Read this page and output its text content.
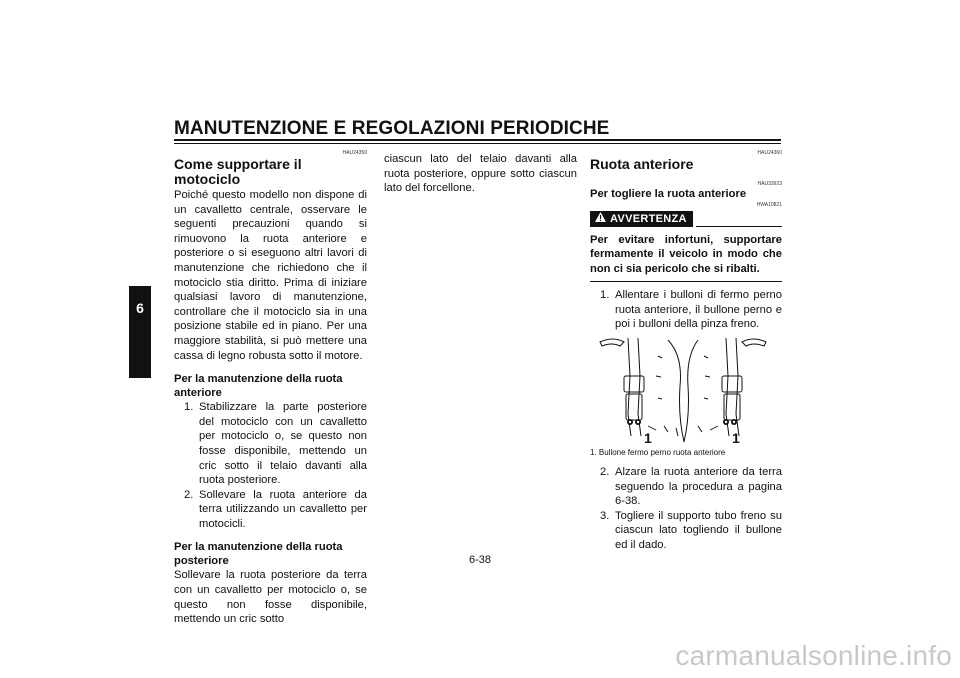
MANUTENZIONE E REGOLAZIONI PERIODICHE
6
HAU24350
Come supportare il motociclo

Poiché questo modello non dispone di un cavalletto centrale, osservare le seguenti precauzioni quando si rimuovono la ruota anteriore e posteriore o si eseguono altri lavori di manutenzione che richiedono che il motociclo stia diritto. Prima di iniziare qualsiasi lavoro di manutenzione, controllare che il motociclo sia in una posizione stabile ed in piano. Per una maggiore stabilità, si può mettere una cassa di legno robusta sotto il motore.

Per la manutenzione della ruota anteriore
1. Stabilizzare la parte posteriore del motociclo con un cavalletto per motociclo o, se questo non fosse disponibile, mettendo un cric sotto il telaio davanti alla ruota posteriore.
2. Sollevare la ruota anteriore da terra utilizzando un cavalletto per motocicli.
Per la manutenzione della ruota posteriore

Sollevare la ruota posteriore da terra con un cavalletto per motociclo o, se questo non fosse disponibile, mettendo un cric sotto

ciascun lato del telaio davanti alla ruota posteriore, oppure sotto ciascun lato del forcellone.

HAU24360
Ruota anteriore
HAU33923
Per togliere la ruota anteriore
HWA10821
AVVERTENZA

Per evitare infortuni, supportare fermamente il veicolo in modo che non ci sia pericolo che si ribalti.

1. Allentare i bulloni di fermo perno ruota anteriore, il bullone perno e poi i bulloni della pinza freno.
1	1
1. Bullone fermo perno ruota anteriore
2. Alzare la ruota anteriore da terra seguendo la procedura a pagina 6-38.
3. Togliere il supporto tubo freno su ciascun lato togliendo il bullone ed il dado.
6-38
carmanualsonline.info
